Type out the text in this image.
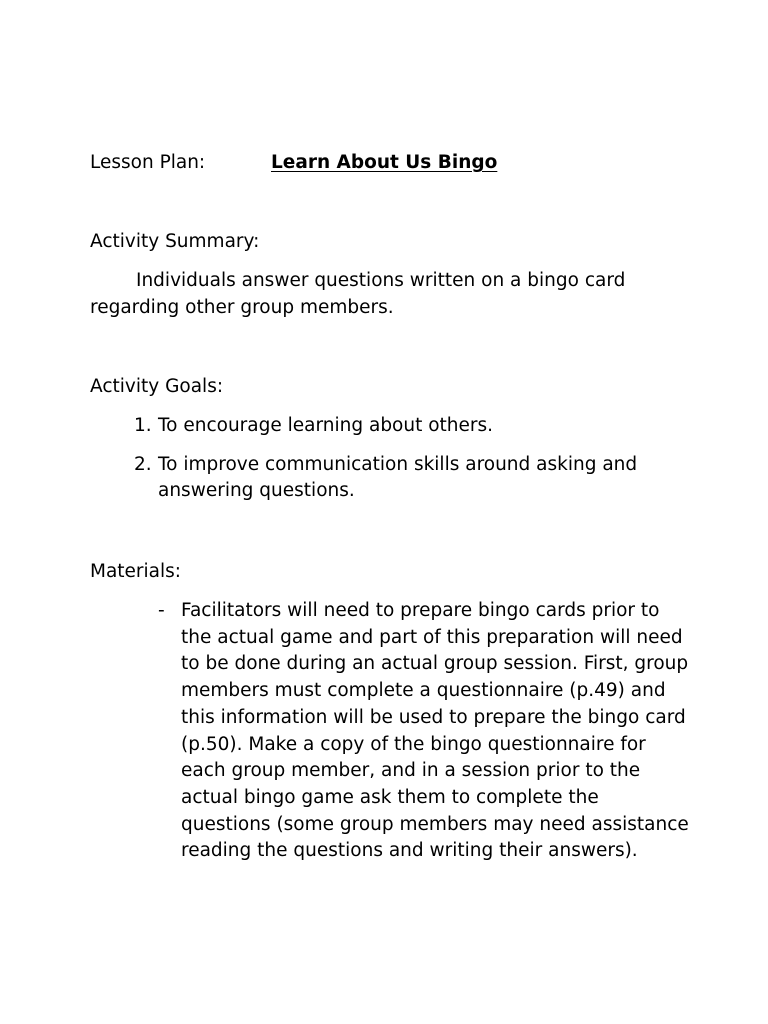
Lesson Plan:	Learn About Us Bingo
Activity Summary:

Individuals answer questions written on a bingo card regarding other group members.

Activity Goals:
1. To encourage learning about others.
2. To improve communication skills around asking and answering questions.
Materials:
- Facilitators will need to prepare bingo cards prior to the actual game and part of this preparation will need to be done during an actual group session. First, group members must complete a questionnaire (p.49) and this information will be used to prepare the bingo card (p.50). Make a copy of the bingo questionnaire for each group member, and in a session prior to the actual bingo game ask them to complete the questions (some group members may need assistance reading the questions and writing their answers).
